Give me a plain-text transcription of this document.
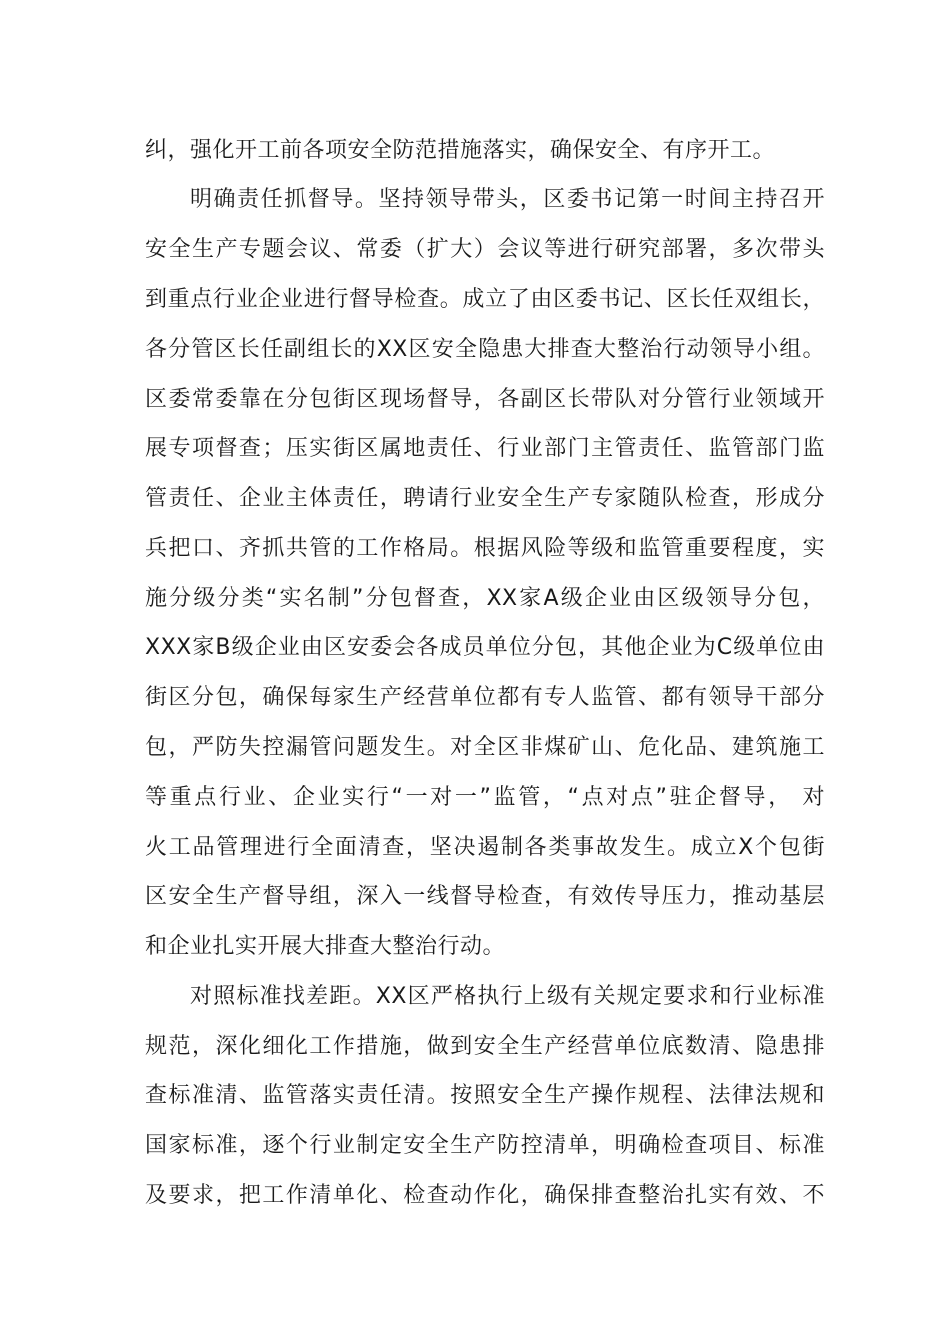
纠，强化开工前各项安全防范措施落实，确保安全、有序开工。
明确责任抓督导。坚持领导带头，区委书记第一时间主持召开
安全生产专题会议、常委（扩大）会议等进行研究部署，多次带头
到重点行业企业进行督导检查。成立了由区委书记、区长任双组长，
各分管区长任副组长的XX区安全隐患大排查大整治行动领导小组。
区委常委靠在分包街区现场督导，各副区长带队对分管行业领域开
展专项督查；压实街区属地责任、行业部门主管责任、监管部门监
管责任、企业主体责任，聘请行业安全生产专家随队检查，形成分
兵把口、齐抓共管的工作格局。根据风险等级和监管重要程度，实
施分级分类“实名制”分包督查，XX家A级企业由区级领导分包，
XXX家B级企业由区安委会各成员单位分包，其他企业为C级单位由
街区分包，确保每家生产经营单位都有专人监管、都有领导干部分
包，严防失控漏管问题发生。对全区非煤矿山、危化品、建筑施工
等重点行业、企业实行“一对一”监管，“点对点”驻企督导， 对
火工品管理进行全面清查，坚决遏制各类事故发生。成立X个包街
区安全生产督导组，深入一线督导检查，有效传导压力，推动基层
和企业扎实开展大排查大整治行动。
对照标准找差距。XX区严格执行上级有关规定要求和行业标准
规范，深化细化工作措施，做到安全生产经营单位底数清、隐患排
查标准清、监管落实责任清。按照安全生产操作规程、法律法规和
国家标准，逐个行业制定安全生产防控清单，明确检查项目、标准
及要求，把工作清单化、检查动作化，确保排查整治扎实有效、不
